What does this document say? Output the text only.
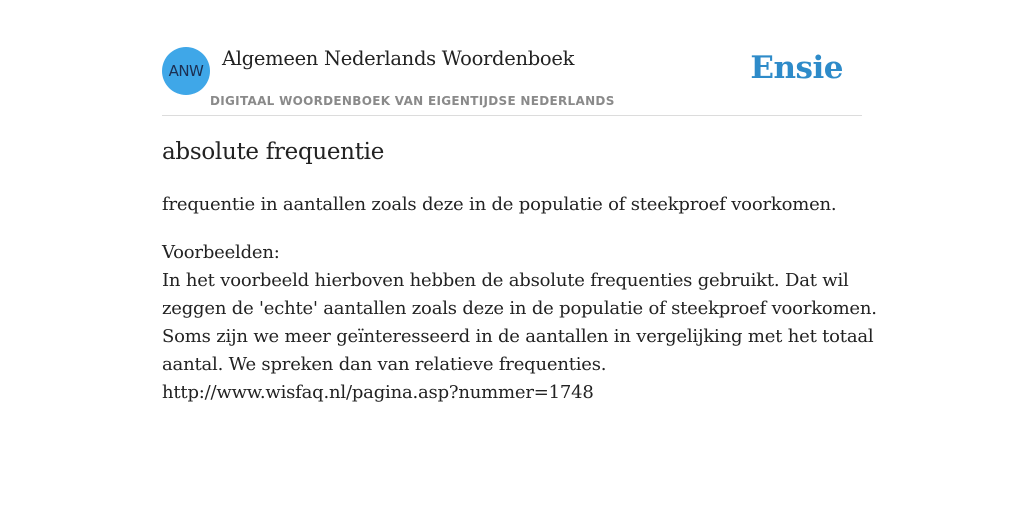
ANW
Algemeen Nederlands Woordenboek
DIGITAAL WOORDENBOEK VAN EIGENTIJDSE NEDERLANDS
Ensie
absolute frequentie
frequentie in aantallen zoals deze in de populatie of steekproef voorkomen.
Voorbeelden:
In het voorbeeld hierboven hebben de absolute frequenties gebruikt. Dat wil
zeggen de 'echte' aantallen zoals deze in de populatie of steekproef voorkomen.
Soms zijn we meer geïnteresseerd in de aantallen in vergelijking met het totaal
aantal. We spreken dan van relatieve frequenties.
http://www.wisfaq.nl/pagina.asp?nummer=1748
